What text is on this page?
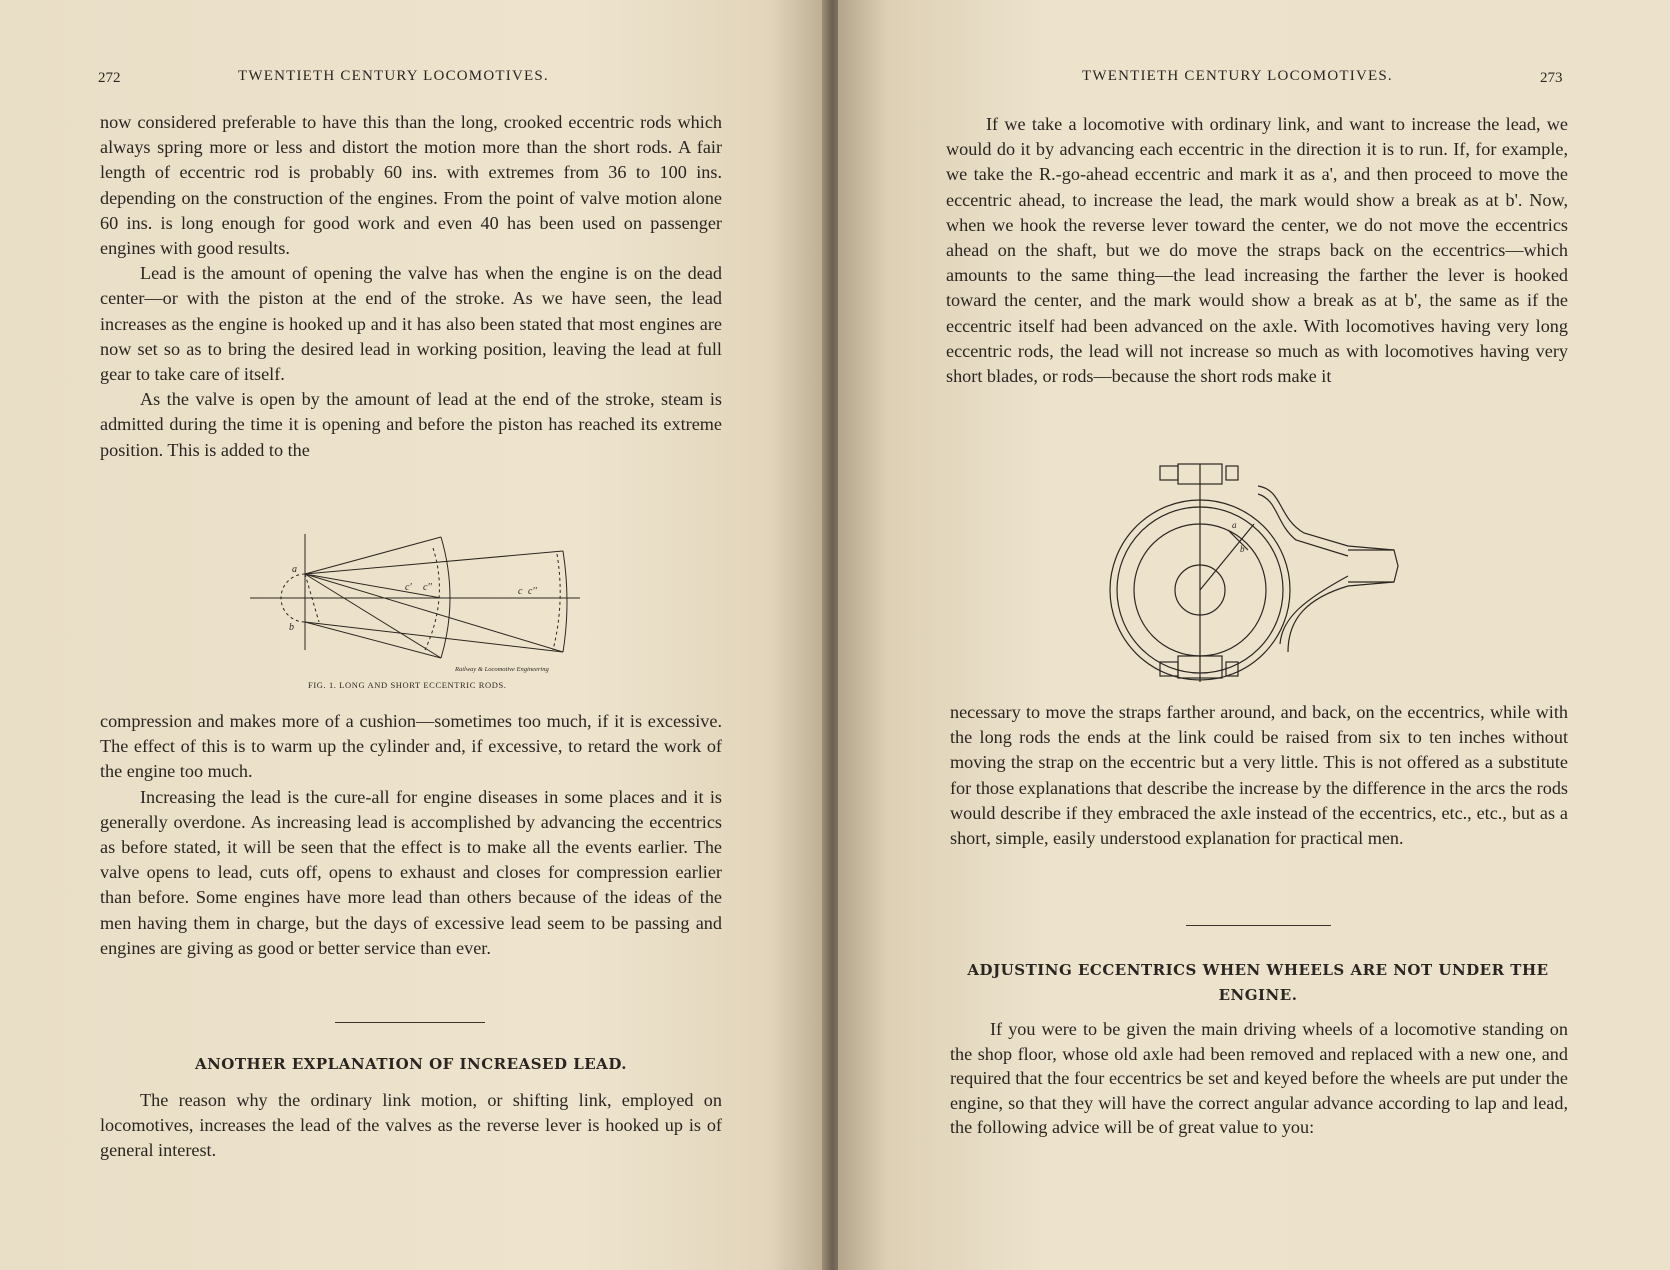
272	TWENTIETH CENTURY LOCOMOTIVES.

now considered preferable to have this than the long, crooked eccentric rods which always spring more or less and distort the motion more than the short rods. A fair length of eccentric rod is probably 60 ins. with extremes from 36 to 100 ins. depending on the construction of the engines. From the point of valve motion alone 60 ins. is long enough for good work and even 40 has been used on passenger engines with good results.

Lead is the amount of opening the valve has when the engine is on the dead center—or with the piston at the end of the stroke. As we have seen, the lead increases as the engine is hooked up and it has also been stated that most engines are now set so as to bring the desired lead in working position, leaving the lead at full gear to take care of itself.

As the valve is open by the amount of lead at the end of the stroke, steam is admitted during the time it is opening and before the piston has reached its extreme position. This is added to the

a
b
c' c''	c c''
Railway & Locomotive Engineering
FIG. 1. LONG AND SHORT ECCENTRIC RODS.

compression and makes more of a cushion—sometimes too much, if it is excessive. The effect of this is to warm up the cylinder and, if excessive, to retard the work of the engine too much.

Increasing the lead is the cure-all for engine diseases in some places and it is generally overdone. As increasing lead is accomplished by advancing the eccentrics as before stated, it will be seen that the effect is to make all the events earlier. The valve opens to lead, cuts off, opens to exhaust and closes for compression earlier than before. Some engines have more lead than others because of the ideas of the men having them in charge, but the days of excessive lead seem to be passing and engines are giving as good or better service than ever.

ANOTHER EXPLANATION OF INCREASED LEAD.

The reason why the ordinary link motion, or shifting link, employed on locomotives, increases the lead of the valves as the reverse lever is hooked up is of general interest.

TWENTIETH CENTURY LOCOMOTIVES.	273

If we take a locomotive with ordinary link, and want to increase the lead, we would do it by advancing each eccentric in the direction it is to run. If, for example, we take the R.-go-ahead eccentric and mark it as a', and then proceed to move the eccentric ahead, to increase the lead, the mark would show a break as at b'. Now, when we hook the reverse lever toward the center, we do not move the eccentrics ahead on the shaft, but we do move the straps back on the eccentrics—which amounts to the same thing—the lead increasing the farther the lever is hooked toward the center, and the mark would show a break as at b', the same as if the eccentric itself had been advanced on the axle. With locomotives having very long eccentric rods, the lead will not increase so much as with locomotives having very short blades, or rods—because the short rods make it

a
b

necessary to move the straps farther around, and back, on the eccentrics, while with the long rods the ends at the link could be raised from six to ten inches without moving the strap on the eccentric but a very little. This is not offered as a substitute for those explanations that describe the increase by the difference in the arcs the rods would describe if they embraced the axle instead of the eccentrics, etc., etc., but as a short, simple, easily understood explanation for practical men.

ADJUSTING ECCENTRICS WHEN WHEELS ARE NOT UNDER THE ENGINE.

If you were to be given the main driving wheels of a locomotive standing on the shop floor, whose old axle had been removed and replaced with a new one, and required that the four eccentrics be set and keyed before the wheels are put under the engine, so that they will have the correct angular advance according to lap and lead, the following advice will be of great value to you:
